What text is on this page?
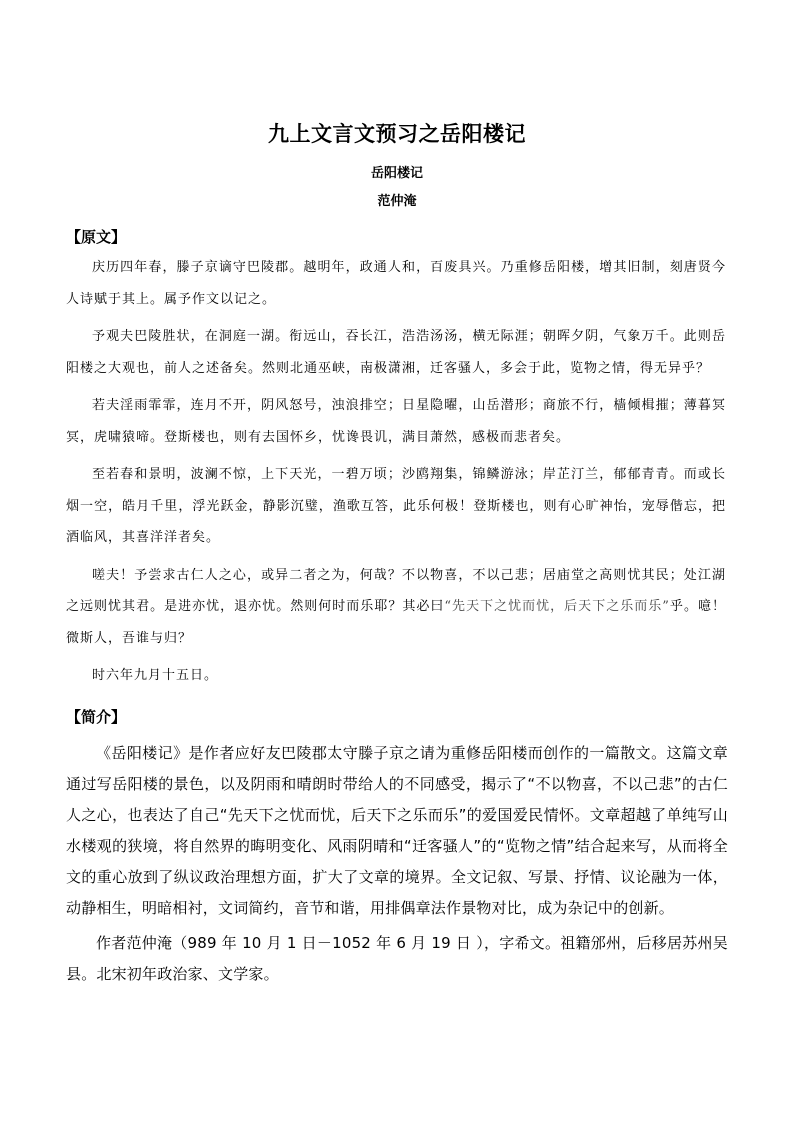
九上文言文预习之岳阳楼记
岳阳楼记
范仲淹
【原文】

庆历四年春，滕子京谪守巴陵郡。越明年，政通人和，百废具兴。乃重修岳阳楼，增其旧制，刻唐贤今人诗赋于其上。属予作文以记之。

予观夫巴陵胜状，在洞庭一湖。衔远山，吞长江，浩浩汤汤，横无际涯；朝晖夕阴，气象万千。此则岳阳楼之大观也，前人之述备矣。然则北通巫峡，南极潇湘，迁客骚人，多会于此，览物之情，得无异乎？

若夫淫雨霏霏，连月不开，阴风怒号，浊浪排空；日星隐曜，山岳潜形；商旅不行，樯倾楫摧；薄暮冥冥，虎啸猿啼。登斯楼也，则有去国怀乡，忧谗畏讥，满目萧然，感极而悲者矣。

至若春和景明，波澜不惊，上下天光，一碧万顷；沙鸥翔集，锦鳞游泳；岸芷汀兰，郁郁青青。而或长烟一空，皓月千里，浮光跃金，静影沉璧，渔歌互答，此乐何极！登斯楼也，则有心旷神怡，宠辱偕忘，把酒临风，其喜洋洋者矣。

嗟夫！予尝求古仁人之心，或异二者之为，何哉？不以物喜，不以己悲；居庙堂之高则忧其民；处江湖之远则忧其君。是进亦忧，退亦忧。然则何时而乐耶？其必曰“先天下之忧而忧，后天下之乐而乐”乎。噫！微斯人，吾谁与归？

时六年九月十五日。

【简介】

《岳阳楼记》是作者应好友巴陵郡太守滕子京之请为重修岳阳楼而创作的一篇散文。这篇文章通过写岳阳楼的景色，以及阴雨和晴朗时带给人的不同感受，揭示了“不以物喜，不以己悲”的古仁人之心，也表达了自己“先天下之忧而忧，后天下之乐而乐”的爱国爱民情怀。文章超越了单纯写山水楼观的狭境，将自然界的晦明变化、风雨阴晴和“迁客骚人”的“览物之情”结合起来写，从而将全文的重心放到了纵议政治理想方面，扩大了文章的境界。全文记叙、写景、抒情、议论融为一体，动静相生，明暗相衬，文词简约，音节和谐，用排偶章法作景物对比，成为杂记中的创新。

作者范仲淹（989 年 10 月 1 日－1052 年 6 月 19 日 ），字希文。祖籍邠州，后移居苏州吴县。北宋初年政治家、文学家。
